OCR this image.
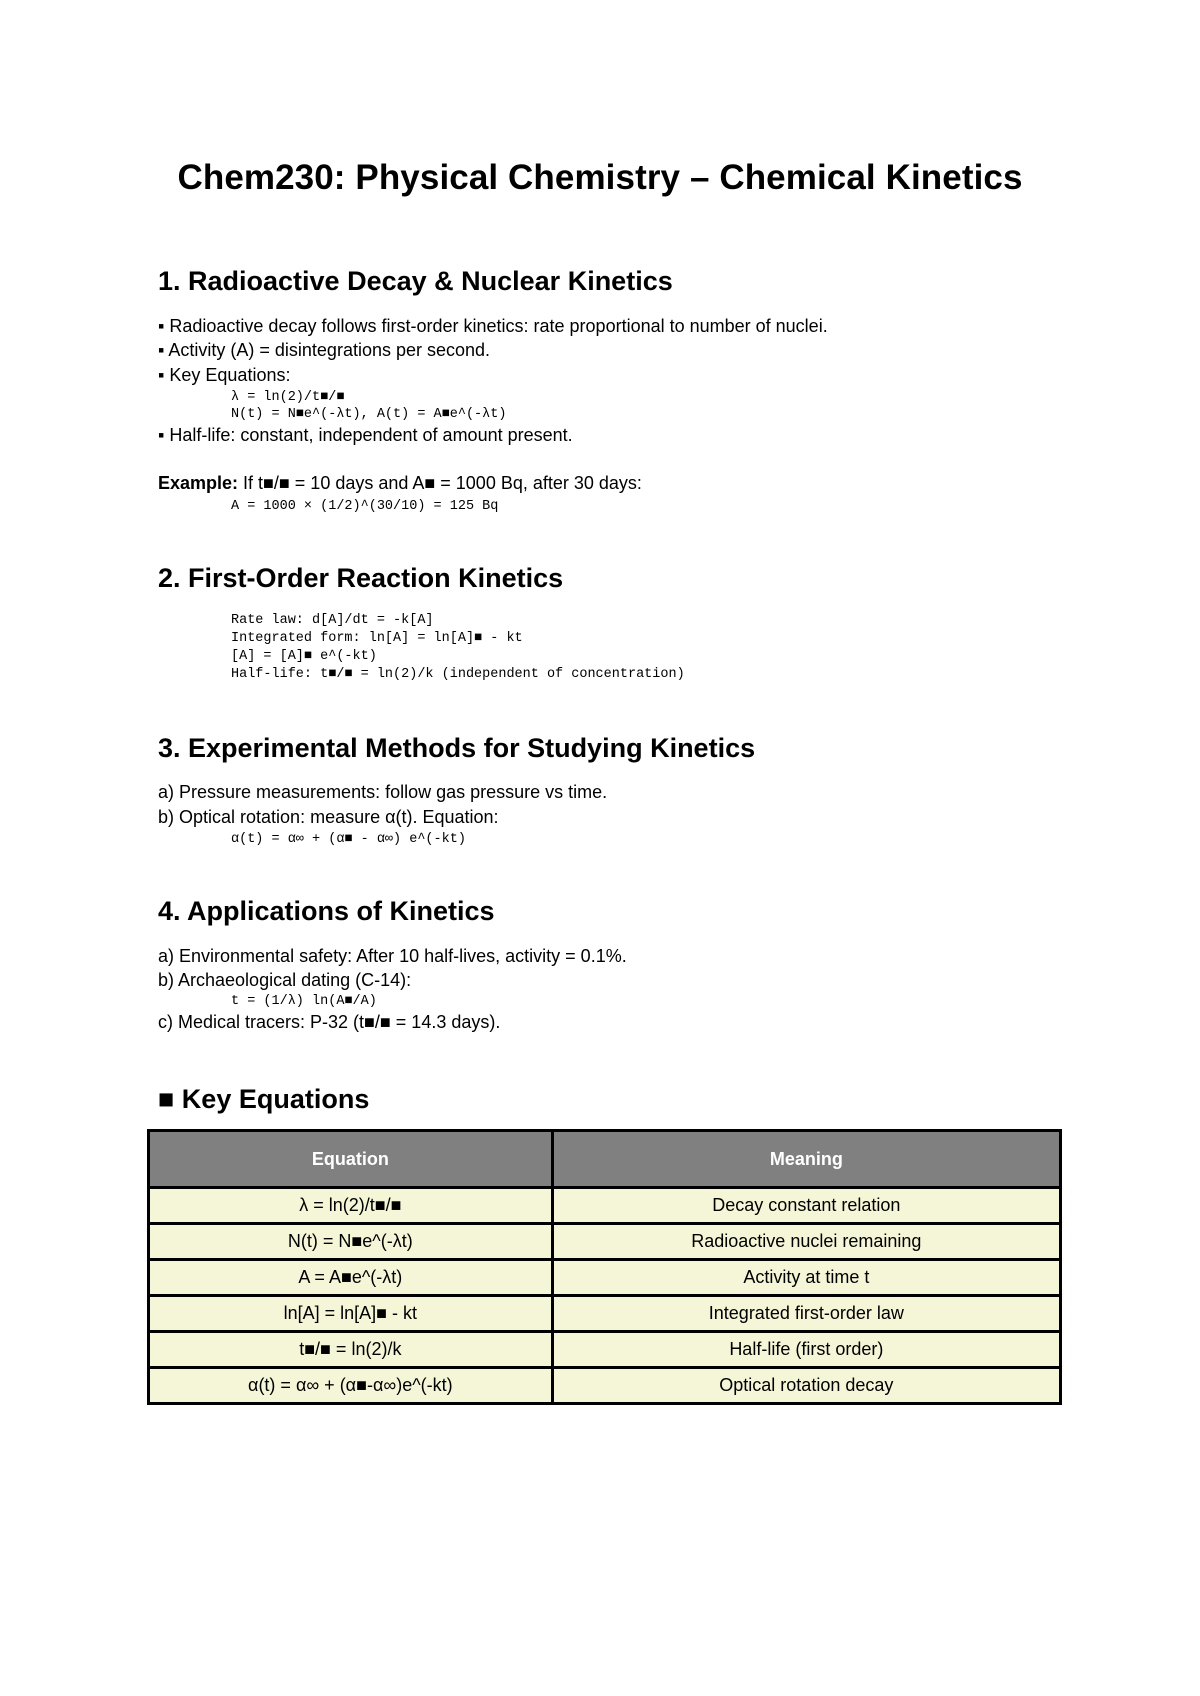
Chem230: Physical Chemistry – Chemical Kinetics
1. Radioactive Decay & Nuclear Kinetics

▪ Radioactive decay follows first-order kinetics: rate proportional to number of nuclei.

▪ Activity (A) = disintegrations per second.

▪ Key Equations:

λ = ln(2)/t■/■

N(t) = N■e^(-λt), A(t) = A■e^(-λt)

▪ Half-life: constant, independent of amount present.

Example: If t■/■ = 10 days and A■ = 1000 Bq, after 30 days:

A = 1000 × (1/2)^(30/10) = 125 Bq

2. First-Order Reaction Kinetics

Rate law: d[A]/dt = -k[A]

Integrated form: ln[A] = ln[A]■ - kt

[A] = [A]■ e^(-kt)

Half-life: t■/■ = ln(2)/k (independent of concentration)

3. Experimental Methods for Studying Kinetics

a) Pressure measurements: follow gas pressure vs time.

b) Optical rotation: measure α(t). Equation:

α(t) = α∞ + (α■ - α∞) e^(-kt)

4. Applications of Kinetics

a) Environmental safety: After 10 half-lives, activity = 0.1%.

b) Archaeological dating (C-14):

t = (1/λ) ln(A■/A)

c) Medical tracers: P-32 (t■/■ = 14.3 days).

■ Key Equations
Equation	Meaning
λ = ln(2)/t■/■	Decay constant relation
N(t) = N■e^(-λt)	Radioactive nuclei remaining
A = A■e^(-λt)	Activity at time t
ln[A] = ln[A]■ - kt	Integrated first-order law
t■/■ = ln(2)/k	Half-life (first order)
α(t) = α∞ + (α■-α∞)e^(-kt)	Optical rotation decay
